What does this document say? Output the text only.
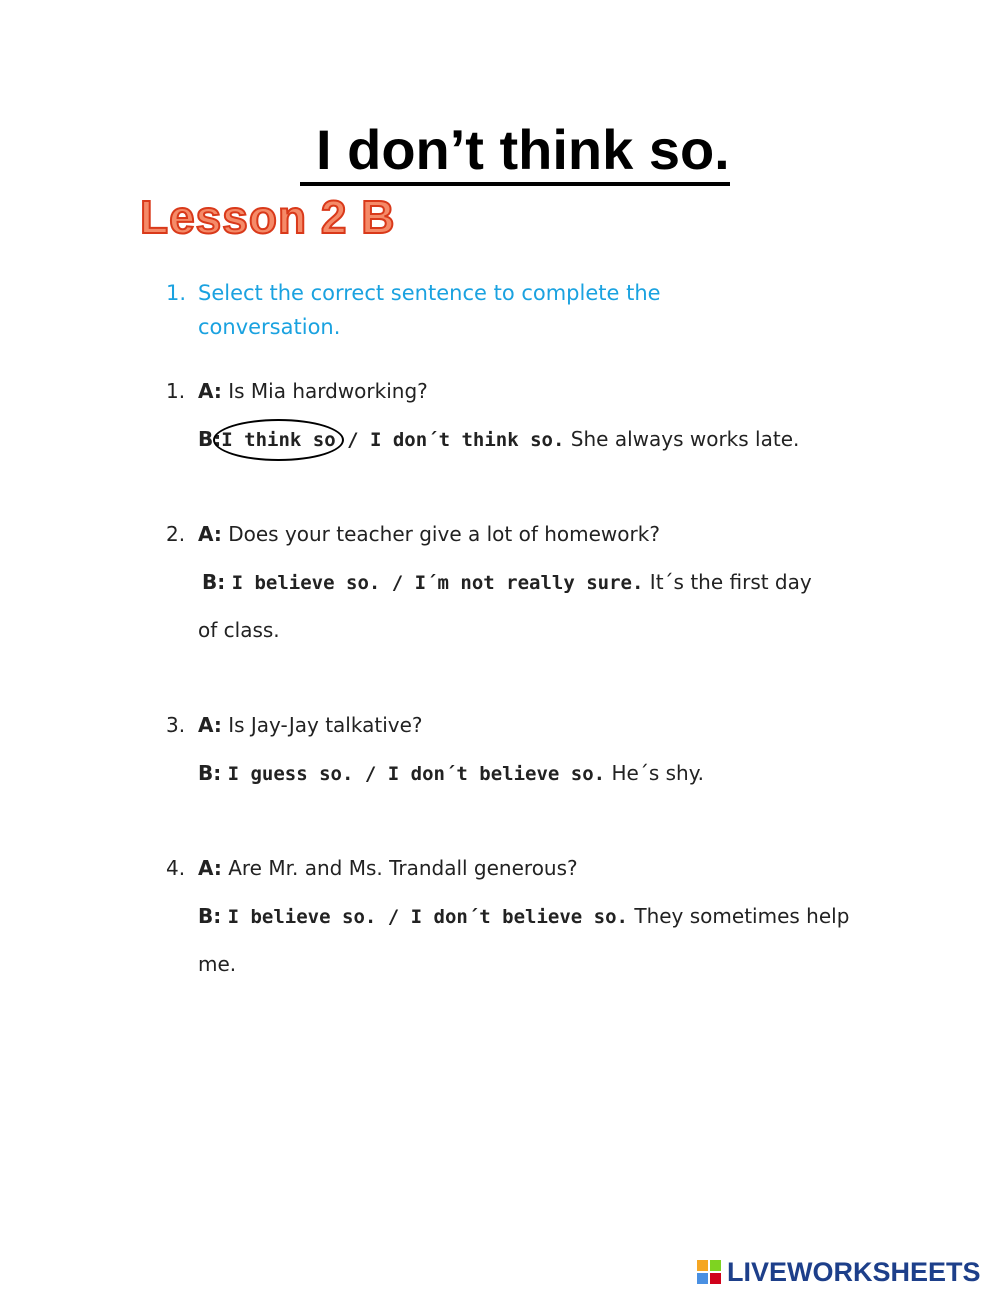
I don’t think so.
Lesson 2 B
1. Select the correct sentence to complete the conversation.
1. A: Is Mia hardworking?
B:I think so
/ I don´t think so. She always works late.
2. A: Does your teacher give a lot of homework?
B: I believe so. / I´m not really sure. It´s the first day
of class.
3. A: Is Jay-Jay talkative?
B: I guess so. / I don´t believe so. He´s shy.
4. A: Are Mr. and Ms. Trandall generous?
B: I believe so. / I don´t believe so. They sometimes help
me.
LIVEWORKSHEETS
